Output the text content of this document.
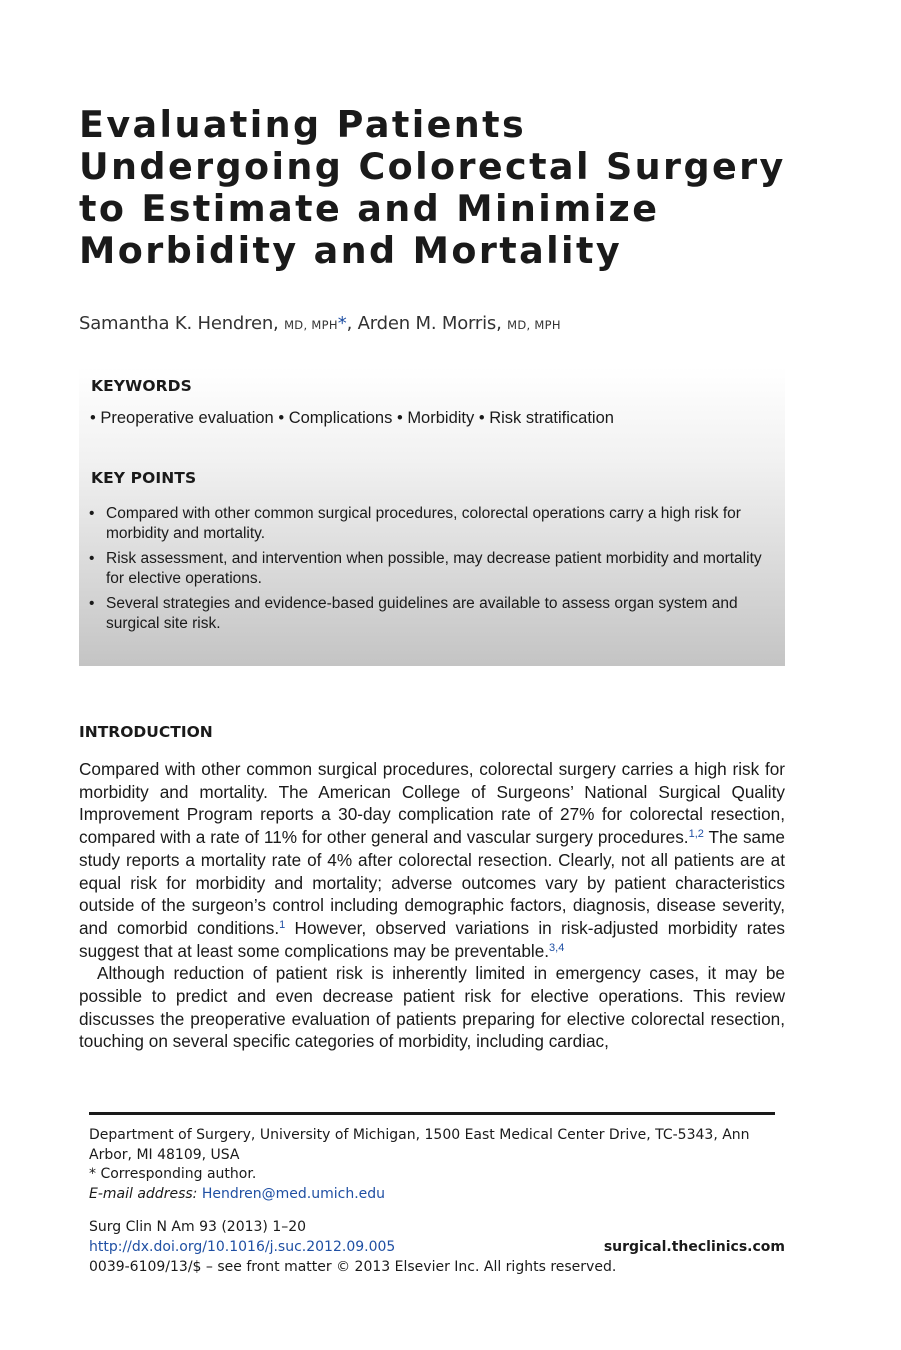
Evaluating Patients Undergoing Colorectal Surgery to Estimate and Minimize Morbidity and Mortality
Samantha K. Hendren, MD, MPH*, Arden M. Morris, MD, MPH
KEYWORDS
• Preoperative evaluation • Complications • Morbidity • Risk stratification
KEY POINTS
• Compared with other common surgical procedures, colorectal operations carry a high risk for morbidity and mortality.
• Risk assessment, and intervention when possible, may decrease patient morbidity and mortality for elective operations.
• Several strategies and evidence-based guidelines are available to assess organ system and surgical site risk.
INTRODUCTION

Compared with other common surgical procedures, colorectal surgery carries a high risk for morbidity and mortality. The American College of Surgeons’ National Surgical Quality Improvement Program reports a 30-day complication rate of 27% for colorectal resection, compared with a rate of 11% for other general and vascular surgery procedures.$^{1,2}$ The same study reports a mortality rate of 4% after colorectal resection. Clearly, not all patients are at equal risk for morbidity and mortality; adverse outcomes vary by patient characteristics outside of the surgeon’s control including demographic factors, diagnosis, disease severity, and comorbid conditions.$^1$ However, observed variations in risk-adjusted morbidity rates suggest that at least some complications may be preventable.$^{3,4}$

Although reduction of patient risk is inherently limited in emergency cases, it may be possible to predict and even decrease patient risk for elective operations. This review discusses the preoperative evaluation of patients preparing for elective colorectal resection, touching on several specific categories of morbidity, including cardiac,

Department of Surgery, University of Michigan, 1500 East Medical Center Drive, TC-5343, Ann Arbor, MI 48109, USA

* Corresponding author.

E-mail address: Hendren@med.umich.edu

Surg Clin N Am 93 (2013) 1–20
http://dx.doi.org/10.1016/j.suc.2012.09.005	surgical.theclinics.com
0039-6109/13/$ – see front matter © 2013 Elsevier Inc. All rights reserved.
